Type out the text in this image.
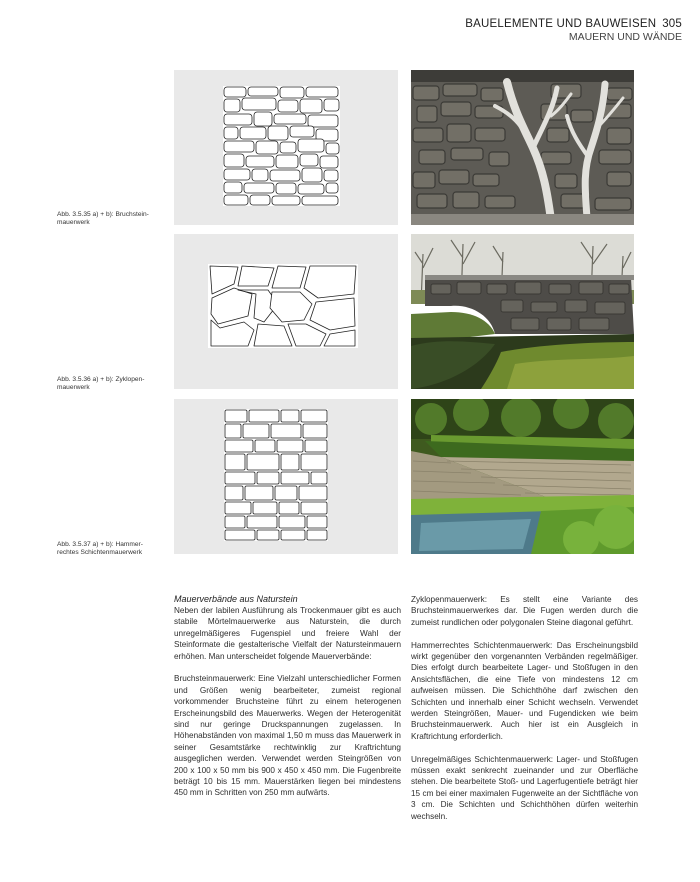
BAUELEMENTE UND BAUWEISEN 305
MAUERN UND WÄNDE
Abb. 3.5.35 a) + b): Bruchstein-
mauerwerk
Abb. 3.5.36 a) + b): Zyklopen-
mauerwerk
Abb. 3.5.37 a) + b): Hammer-
rechtes Schichtenmauerwerk
Mauerverbände aus Naturstein

Neben der labilen Ausführung als Trockenmauer gibt es auch stabile Mörtelmauerwerke aus Naturstein, die durch unregelmäßigeres Fugenspiel und freiere Wahl der Steinformate die gestalterische Vielfalt der Natursteinmauern erhöhen. Man unterscheidet folgende Mauerverbände:

Bruchsteinmauerwerk: Eine Vielzahl unterschiedlicher Formen und Größen wenig bearbeiteter, zumeist regional vorkommender Bruchsteine führt zu einem heterogenen Erscheinungsbild des Mauerwerks. Wegen der Heterogenität sind nur geringe Druckspannungen zugelassen. In Höhenabständen von maximal 1,50 m muss das Mauerwerk in seiner Gesamtstärke rechtwinklig zur Kraftrichtung ausgeglichen werden. Verwendet werden Steingrößen von 200 x 100 x 50 mm bis 900 x 450 x 450 mm. Die Fugenbreite beträgt 10 bis 15 mm. Mauerstärken liegen bei mindestens 450 mm in Schritten von 250 mm aufwärts.

Zyklopenmauerwerk: Es stellt eine Variante des Bruchsteinmauerwerkes dar. Die Fugen werden durch die zumeist rundlichen oder polygonalen Steine diagonal geführt.

Hammerrechtes Schichtenmauerwerk: Das Erscheinungsbild wirkt gegenüber den vorgenannten Verbänden regelmäßiger. Dies erfolgt durch bearbeitete Lager- und Stoßfugen in den Ansichtsflächen, die eine Tiefe von mindestens 12 cm aufweisen müssen. Die Schichthöhe darf zwischen den Schichten und innerhalb einer Schicht wechseln. Verwendet werden Steingrößen, Mauer- und Fugendicken wie beim Bruchsteinmauerwerk. Auch hier ist ein Ausgleich in Kraftrichtung erforderlich.

Unregelmäßiges Schichtenmauerwerk: Lager- und Stoßfugen müssen exakt senkrecht zueinander und zur Oberfläche stehen. Die bearbeitete Stoß- und Lagerfugentiefe beträgt hier 15 cm bei einer maximalen Fugenweite an der Sichtfläche von 3 cm. Die Schichten und Schichthöhen dürfen weiterhin wechseln.
